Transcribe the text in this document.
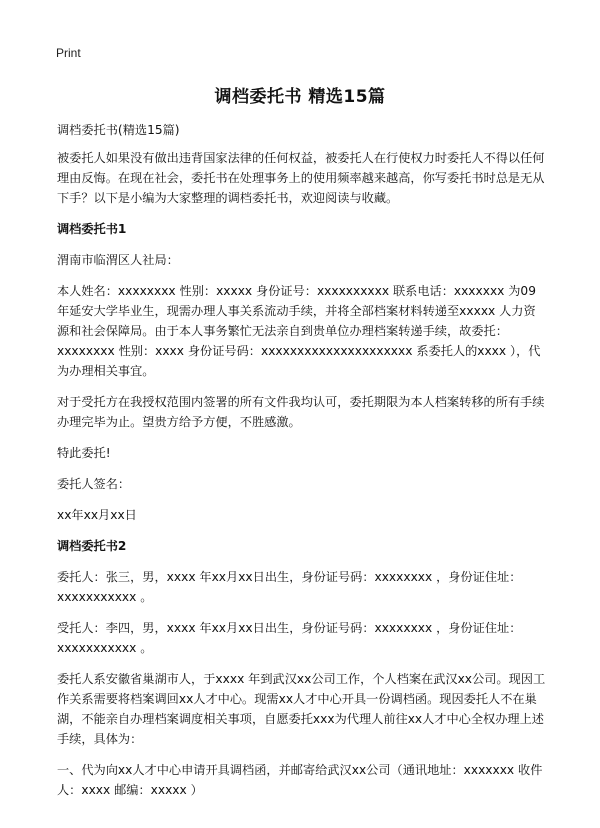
Print
调档委托书 精选15篇

调档委托书(精选15篇)

被委托人如果没有做出违背国家法律的任何权益，被委托人在行使权力时委托人不得以任何理由反悔。在现在社会，委托书在处理事务上的使用频率越来越高，你写委托书时总是无从下手？以下是小编为大家整理的调档委托书，欢迎阅读与收藏。

调档委托书1

渭南市临渭区人社局：

本人姓名：xxxxxxxx 性别：xxxxx 身份证号：xxxxxxxxxx 联系电话：xxxxxxx 为09年延安大学毕业生，现需办理人事关系流动手续，并将全部档案材料转递至xxxxx 人力资源和社会保障局。由于本人事务繁忙无法亲自到贵单位办理档案转递手续，故委托：xxxxxxxx 性别：xxxx 身份证号码：xxxxxxxxxxxxxxxxxxxxx 系委托人的xxxx ），代为办理相关事宜。

对于受托方在我授权范围内签署的所有文件我均认可，委托期限为本人档案转移的所有手续办理完毕为止。望贵方给予方便，不胜感激。

特此委托!

委托人签名：

xx年xx月xx日

调档委托书2

委托人：张三，男，xxxx 年xx月xx日出生，身份证号码：xxxxxxxx ，身份证住址：xxxxxxxxxxx 。

受托人：李四，男，xxxx 年xx月xx日出生，身份证号码：xxxxxxxx ，身份证住址：xxxxxxxxxxx 。

委托人系安徽省巢湖市人，于xxxx 年到武汉xx公司工作，个人档案在武汉xx公司。现因工作关系需要将档案调回xx人才中心。现需xx人才中心开具一份调档函。现因委托人不在巢湖，不能亲自办理档案调度相关事项，自愿委托xxx为代理人前往xx人才中心全权办理上述手续，具体为：

一、代为向xx人才中心申请开具调档函，并邮寄给武汉xx公司（通讯地址：xxxxxxx 收件人：xxxx 邮编：xxxxx ）
